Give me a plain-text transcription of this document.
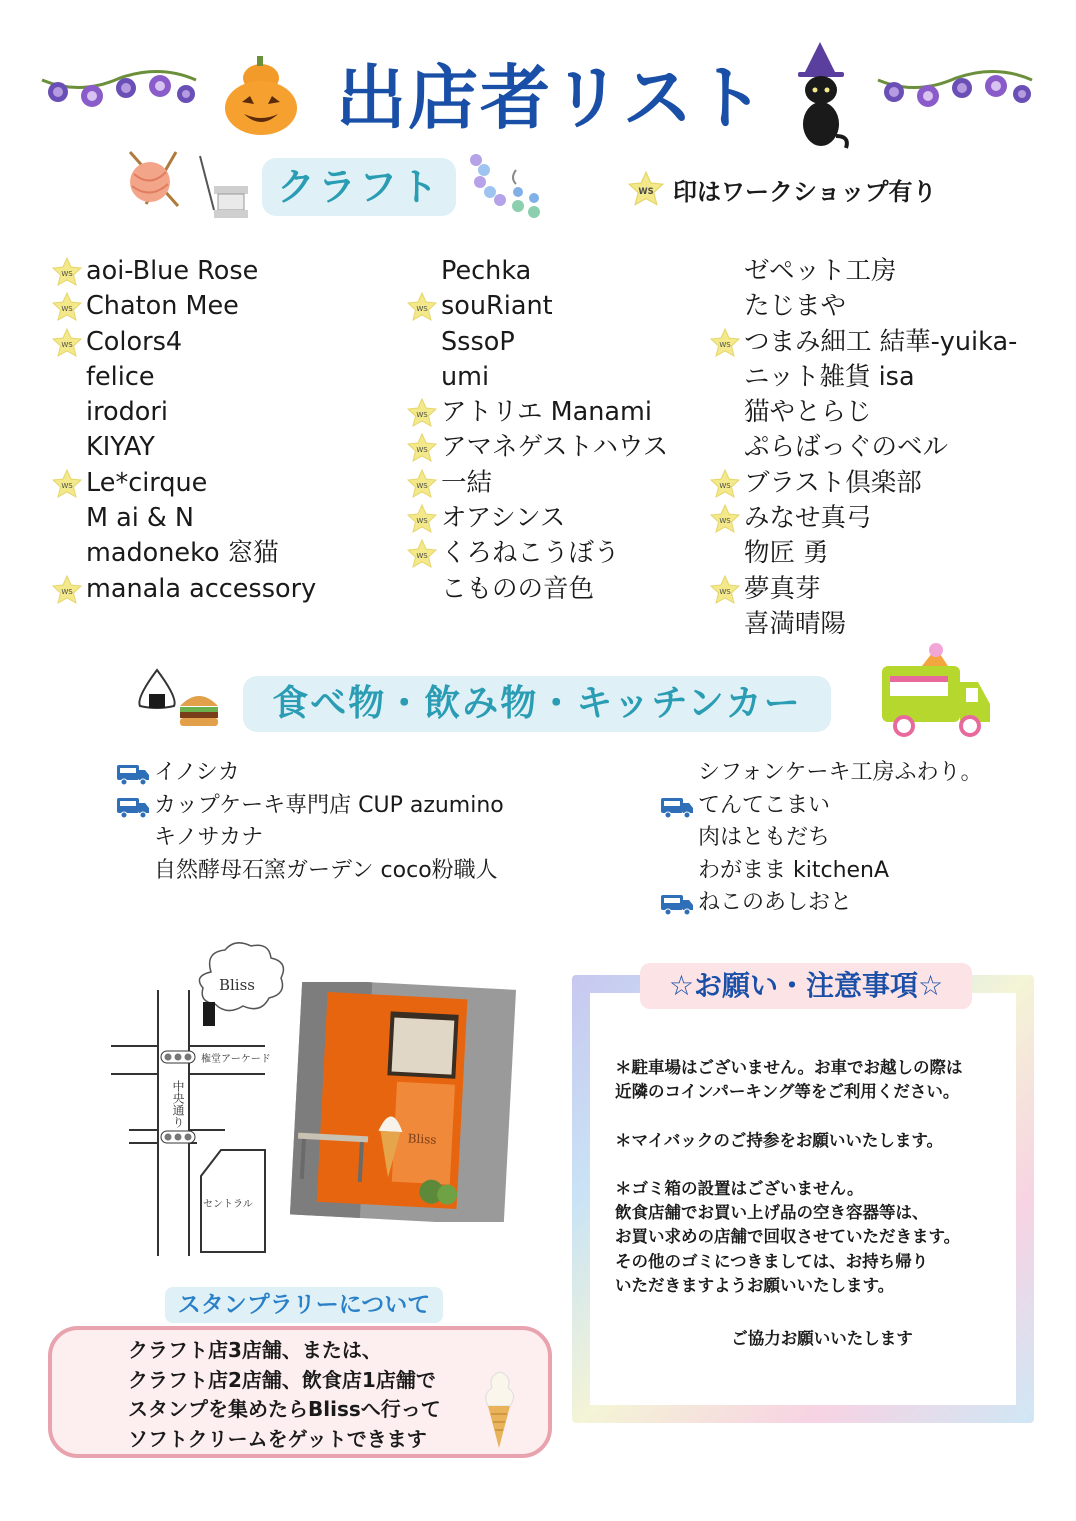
出店者リスト
クラフト	WS 印はワークショップ有り
WS aoi-Blue Rose
WS Chaton Mee
WS Colors4
felice
irodori
KIYAY
WS Le*cirque
M ai & N
madoneko 窓猫
WS manala accessory
Pechka
WS souRiant
SssoP
umi
WS アトリエ Manami
WS アマネゲストハウス
WS 一結
WS オアシンス
WS くろねこうぼう
こものの音色
ゼペット工房
たじまや
WS つまみ細工 結華-yuika-
ニット雑貨 isa
猫やとらじ
ぷらばっぐのベル
WS ブラスト倶楽部
WS みなせ真弓
物匠 勇
WS 夢真芽
喜満晴陽
食べ物・飲み物・キッチンカー
イノシカ
カップケーキ専門店 CUP azumino
キノサカナ
自然酵母石窯ガーデン coco粉職人
シフォンケーキ工房ふわり。
てんてこまい
肉はともだち
わがまま kitchenA
ねこのあしおと
Bliss
権堂アーケード
中央通り
セントラル
Bliss
スタンプラリーについて
クラフト店3店舗、または、
クラフト店2店舗、飲食店1店舗で
スタンプを集めたらBlissへ行って
ソフトクリームをゲットできます
☆お願い・注意事項☆

＊駐車場はございません。お車でお越しの際は

近隣のコインパーキング等をご利用ください。

＊マイバックのご持参をお願いいたします。

＊ゴミ箱の設置はございません。

飲食店舗でお買い上げ品の空き容器等は、

お買い求めの店舗で回収させていただきます。

その他のゴミにつきましては、お持ち帰り

いただきますようお願いいたします。

ご協力お願いいたします
